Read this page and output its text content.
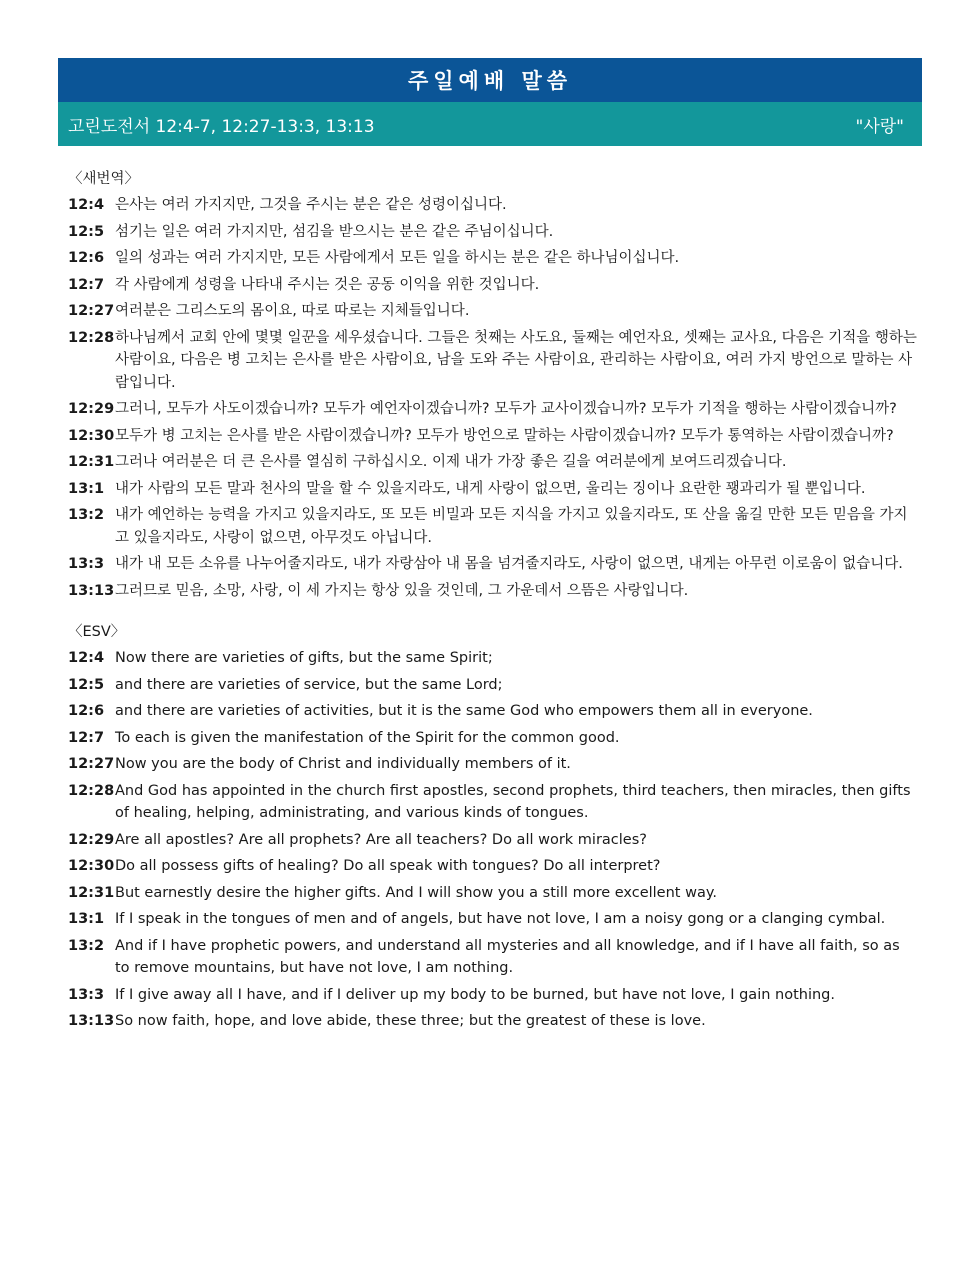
주일예배 말씀
고린도전서 12:4-7, 12:27-13:3, 13:13	"사랑"
〈새번역〉
12:4 은사는 여러 가지지만, 그것을 주시는 분은 같은 성령이십니다.
12:5 섬기는 일은 여러 가지지만, 섬김을 받으시는 분은 같은 주님이십니다.
12:6 일의 성과는 여러 가지지만, 모든 사람에게서 모든 일을 하시는 분은 같은 하나님이십니다.
12:7 각 사람에게 성령을 나타내 주시는 것은 공동 이익을 위한 것입니다.
12:27 여러분은 그리스도의 몸이요, 따로 따로는 지체들입니다.
12:28 하나님께서 교회 안에 몇몇 일꾼을 세우셨습니다. 그들은 첫째는 사도요, 둘째는 예언자요, 셋째는 교사요, 다음은 기적을 행하는 사람이요, 다음은 병 고치는 은사를 받은 사람이요, 남을 도와 주는 사람이요, 관리하는 사람이요, 여러 가지 방언으로 말하는 사람입니다.
12:29 그러니, 모두가 사도이겠습니까? 모두가 예언자이겠습니까? 모두가 교사이겠습니까? 모두가 기적을 행하는 사람이겠습니까?
12:30 모두가 병 고치는 은사를 받은 사람이겠습니까? 모두가 방언으로 말하는 사람이겠습니까? 모두가 통역하는 사람이겠습니까?
12:31 그러나 여러분은 더 큰 은사를 열심히 구하십시오. 이제 내가 가장 좋은 길을 여러분에게 보여드리겠습니다.
13:1 내가 사람의 모든 말과 천사의 말을 할 수 있을지라도, 내게 사랑이 없으면, 울리는 징이나 요란한 꽹과리가 될 뿐입니다.
13:2 내가 예언하는 능력을 가지고 있을지라도, 또 모든 비밀과 모든 지식을 가지고 있을지라도, 또 산을 옮길 만한 모든 믿음을 가지고 있을지라도, 사랑이 없으면, 아무것도 아닙니다.
13:3 내가 내 모든 소유를 나누어줄지라도, 내가 자랑삼아 내 몸을 넘겨줄지라도, 사랑이 없으면, 내게는 아무런 이로움이 없습니다.
13:13 그러므로 믿음, 소망, 사랑, 이 세 가지는 항상 있을 것인데, 그 가운데서 으뜸은 사랑입니다.
〈ESV〉
12:4 Now there are varieties of gifts, but the same Spirit;
12:5 and there are varieties of service, but the same Lord;
12:6 and there are varieties of activities, but it is the same God who empowers them all in everyone.
12:7 To each is given the manifestation of the Spirit for the common good.
12:27 Now you are the body of Christ and individually members of it.
12:28 And God has appointed in the church first apostles, second prophets, third teachers, then miracles, then gifts of healing, helping, administrating, and various kinds of tongues.
12:29 Are all apostles? Are all prophets? Are all teachers? Do all work miracles?
12:30 Do all possess gifts of healing? Do all speak with tongues? Do all interpret?
12:31 But earnestly desire the higher gifts. And I will show you a still more excellent way.
13:1 If I speak in the tongues of men and of angels, but have not love, I am a noisy gong or a clanging cymbal.
13:2 And if I have prophetic powers, and understand all mysteries and all knowledge, and if I have all faith, so as to remove mountains, but have not love, I am nothing.
13:3 If I give away all I have, and if I deliver up my body to be burned, but have not love, I gain nothing.
13:13 So now faith, hope, and love abide, these three; but the greatest of these is love.
